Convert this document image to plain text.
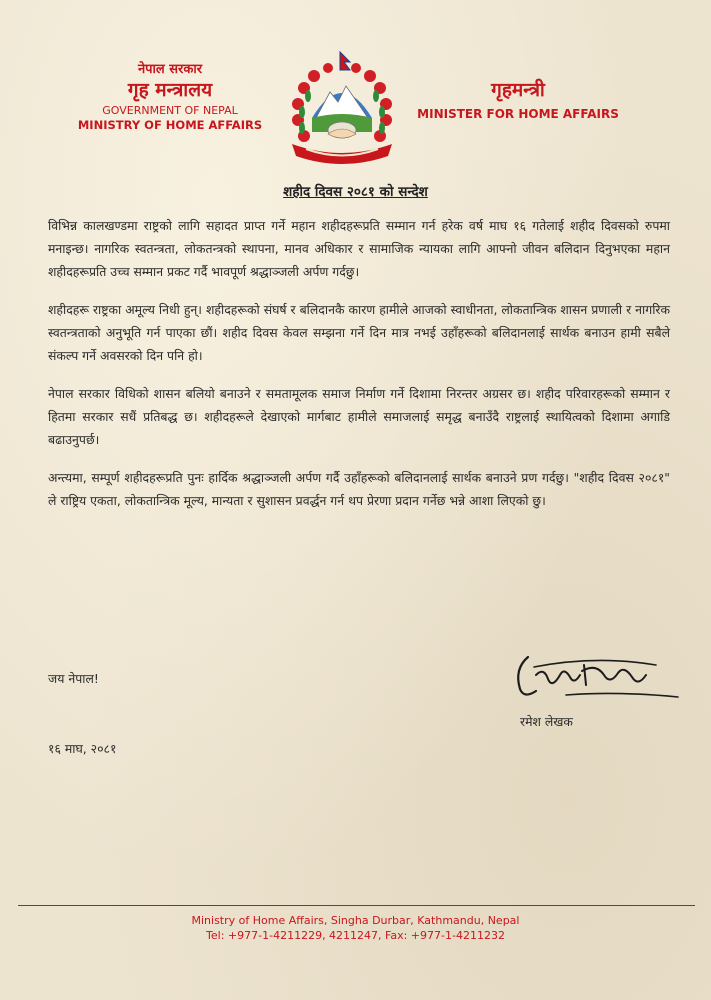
नेपाल सरकार
गृह मन्त्रालय
GOVERNMENT OF NEPAL
MINISTRY OF HOME AFFAIRS
गृहमन्त्री
MINISTER FOR HOME AFFAIRS
शहीद दिवस २०८१ को सन्देश

विभिन्न कालखण्डमा राष्ट्रको लागि सहादत प्राप्त गर्ने महान शहीदहरूप्रति सम्मान गर्न हरेक वर्ष माघ १६ गतेलाई शहीद दिवसको रुपमा मनाइन्छ। नागरिक स्वतन्त्रता, लोकतन्त्रको स्थापना, मानव अधिकार र सामाजिक न्यायका लागि आफ्नो जीवन बलिदान दिनुभएका महान शहीदहरूप्रति उच्च सम्मान प्रकट गर्दै भावपूर्ण श्रद्धाञ्जली अर्पण गर्दछु।

शहीदहरू राष्ट्रका अमूल्य निधी हुन्। शहीदहरूको संघर्ष र बलिदानकै कारण हामीले आजको स्वाधीनता, लोकतान्त्रिक शासन प्रणाली र नागरिक स्वतन्त्रताको अनुभूति गर्न पाएका छौं। शहीद दिवस केवल सम्झना गर्ने दिन मात्र नभई उहाँहरूको बलिदानलाई सार्थक बनाउन हामी सबैले संकल्प गर्ने अवसरको दिन पनि हो।

नेपाल सरकार विधिको शासन बलियो बनाउने र समतामूलक समाज निर्माण गर्ने दिशामा निरन्तर अग्रसर छ। शहीद परिवारहरूको सम्मान र हितमा सरकार सधैं प्रतिबद्ध छ। शहीदहरूले देखाएको मार्गबाट हामीले समाजलाई समृद्ध बनाउँदै राष्ट्रलाई स्थायित्वको दिशामा अगाडि बढाउनुपर्छ।

अन्त्यमा, सम्पूर्ण शहीदहरूप्रति पुनः हार्दिक श्रद्धाञ्जली अर्पण गर्दै उहाँहरूको बलिदानलाई सार्थक बनाउने प्रण गर्दछु। "शहीद दिवस २०८१" ले राष्ट्रिय एकता, लोकतान्त्रिक मूल्य, मान्यता र सुशासन प्रवर्द्धन गर्न थप प्रेरणा प्रदान गर्नेछ भन्ने आशा लिएको छु।

जय नेपाल!
रमेश लेखक
१६ माघ, २०८१
Ministry of Home Affairs, Singha Durbar, Kathmandu, Nepal
Tel: +977-1-4211229, 4211247, Fax: +977-1-4211232
